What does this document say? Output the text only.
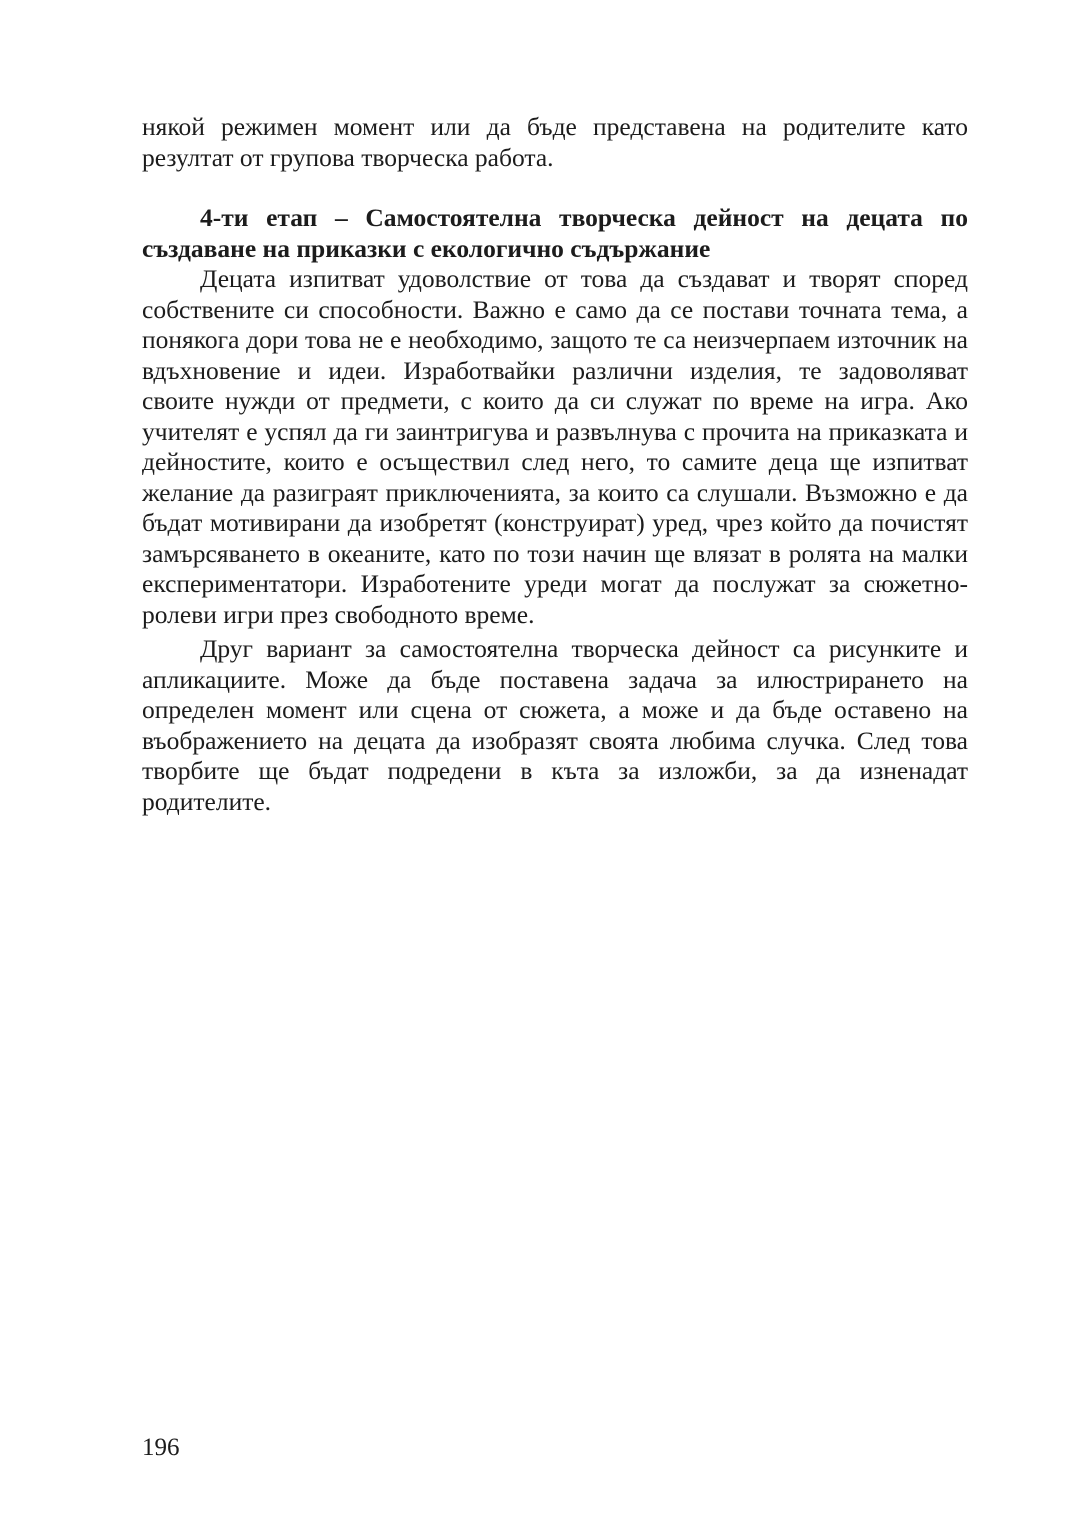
някой режимен момент или да бъде представена на родителите като резултат от групова творческа работа.

4-ти етап – Самостоятелна творческа дейност на децата по създаване на приказки с екологично съдържание

Децата изпитват удоволствие от това да създават и творят според собствените си способности. Важно е само да се постави точната тема, а понякога дори това не е необходимо, защото те са неизчерпаем източник на вдъхновение и идеи. Изработвайки различни изделия, те задоволяват своите нужди от предмети, с които да си служат по време на игра. Ако учителят е успял да ги заинтригува и развълнува с прочита на приказката и дейностите, които е осъществил след него, то самите деца ще изпитват желание да разиграят приключенията, за които са слушали. Възможно е да бъдат мотивирани да изобретят (конструират) уред, чрез който да почистят замърсяването в океаните, като по този начин ще влязат в ролята на малки експериментатори. Изработените уреди могат да послужат за сюжетно-ролеви игри през свободното време.

Друг вариант за самостоятелна творческа дейност са рисунките и апликациите. Може да бъде поставена задача за илюстрирането на определен момент или сцена от сюжета, а може и да бъде оставено на въображението на децата да изобразят своята любима случка. След това творбите ще бъдат подредени в кътa за изложби, за да изненадат родителите.

196
